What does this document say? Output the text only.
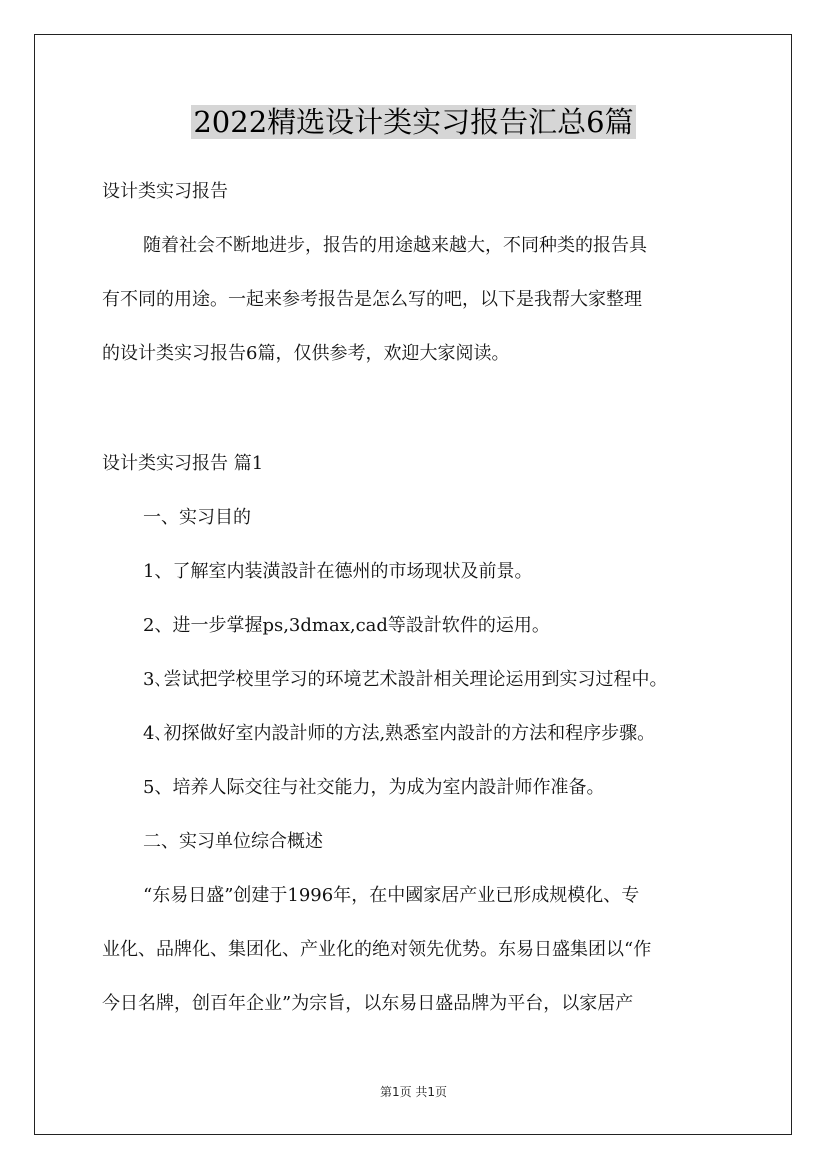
2022精选设计类实习报告汇总6篇
设计类实习报告
随着社会不断地进步，报告的用途越来越大，不同种类的报告具
有不同的用途。一起来参考报告是怎么写的吧，以下是我帮大家整理
的设计类实习报告6篇，仅供参考，欢迎大家阅读。
设计类实习报告 篇1
一、实习目的
1、了解室内装潢設計在德州的市场现状及前景。
2、进一步掌握ps,3dmax,cad等設計软件的运用。
3､尝试把学校里学习的环境艺术設計相关理论运用到实习过程中。
4､初探做好室内設計师的方法,熟悉室内設計的方法和程序步骤。
5、培养人际交往与社交能力，为成为室内設計师作准备。
二、实习单位综合概述
“东易日盛”创建于1996年，在中國家居产业已形成规模化、专
业化、品牌化、集团化、产业化的绝对领先优势。东易日盛集团以“作
今日名牌，创百年企业”为宗旨，以东易日盛品牌为平台，以家居产
第1页 共1页
